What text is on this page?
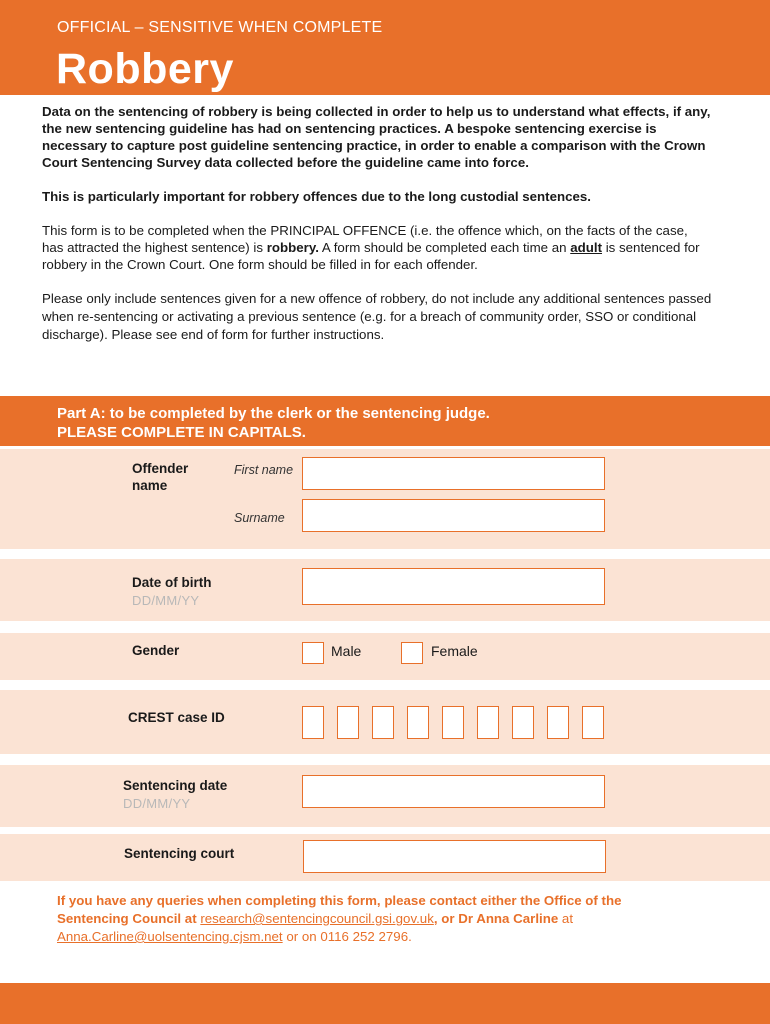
OFFICIAL – SENSITIVE WHEN COMPLETE
Robbery

Data on the sentencing of robbery is being collected in order to help us to understand what effects, if any, the new sentencing guideline has had on sentencing practices. A bespoke sentencing exercise is necessary to capture post guideline sentencing practice, in order to enable a comparison with the Crown Court Sentencing Survey data collected before the guideline came into force.

This is particularly important for robbery offences due to the long custodial sentences.

This form is to be completed when the PRINCIPAL OFFENCE (i.e. the offence which, on the facts of the case, has attracted the highest sentence) is robbery. A form should be completed each time an adult is sentenced for robbery in the Crown Court. One form should be filled in for each offender.

Please only include sentences given for a new offence of robbery, do not include any additional sentences passed when re-sentencing or activating a previous sentence (e.g. for a breach of community order, SSO or conditional discharge). Please see end of form for further instructions.

Part A: to be completed by the clerk or the sentencing judge.
PLEASE COMPLETE IN CAPITALS.
Offender
name
First name
Surname
Date of birth
DD/MM/YY
Gender	Male	Female
CREST case ID
Sentencing date
DD/MM/YY
Sentencing court
If you have any queries when completing this form, please contact either the Office of the Sentencing Council at research@sentencingcouncil.gsi.gov.uk, or Dr Anna Carline at Anna.Carline@uolsentencing.cjsm.net or on 0116 252 2796.
